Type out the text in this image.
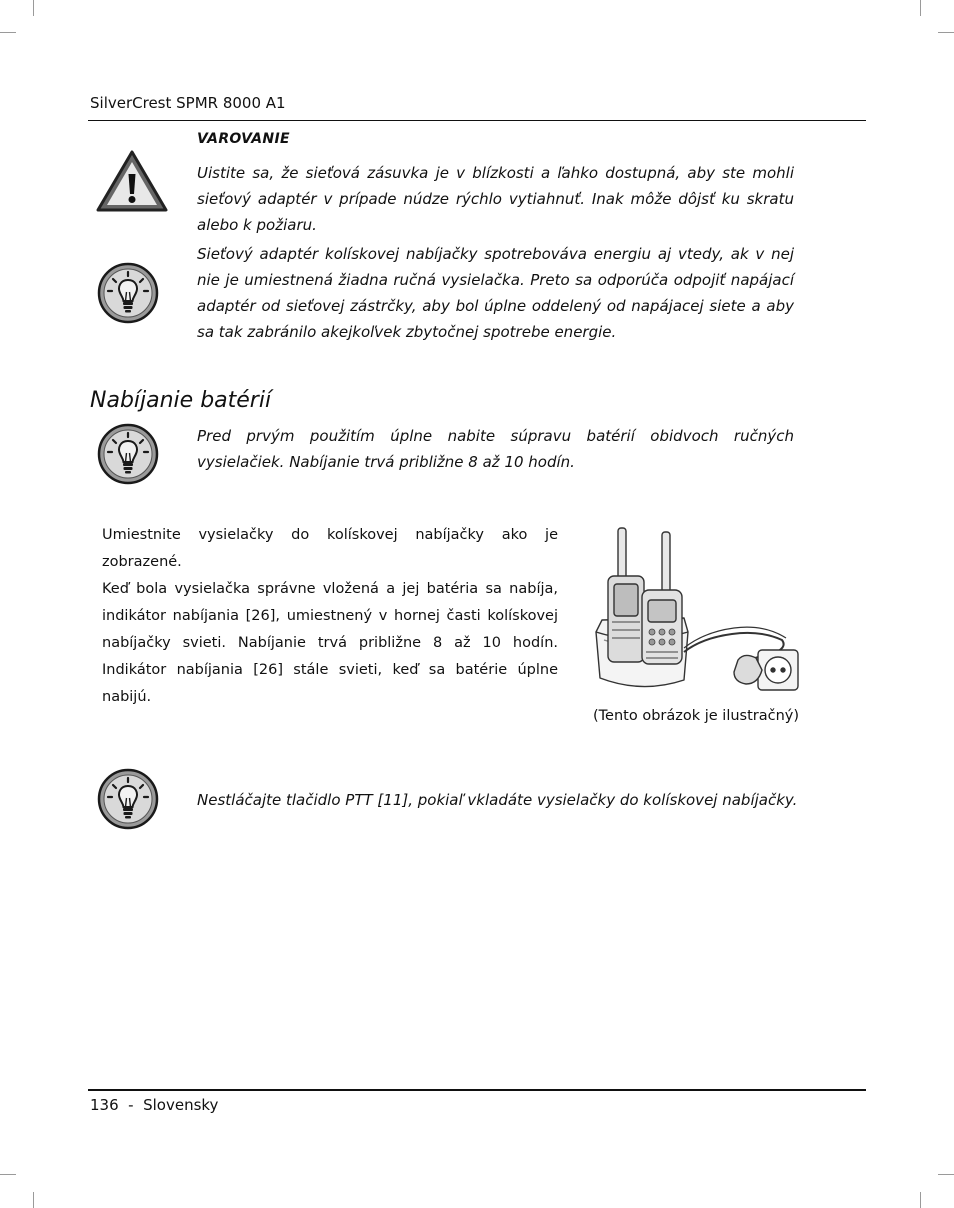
SilverCrest SPMR 8000 A1
VAROVANIE
Uistite sa, že sieťová zásuvka je v blízkosti a ľahko dostupná, aby ste mohli sieťový adaptér v prípade núdze rýchlo vytiahnuť. Inak môže dôjsť ku skratu alebo k požiaru.
Sieťový adaptér kolískovej nabíjačky spotrebováva energiu aj vtedy, ak v nej nie je umiestnená žiadna ručná vysielačka. Preto sa odporúča odpojiť napájací adaptér od sieťovej zástrčky, aby bol úplne oddelený od napájacej siete a aby sa tak zabránilo akejkoľvek zbytočnej spotrebe energie.
Nabíjanie batérií
Pred prvým použitím úplne nabite súpravu batérií obidvoch ručných vysielačiek. Nabíjanie trvá približne 8 až 10 hodín.
Umiestnite vysielačky do kolískovej nabíjačky ako je zobrazené.
Keď bola vysielačka správne vložená a jej batéria sa nabíja, indikátor nabíjania [26], umiestnený v hornej časti kolískovej nabíjačky svieti. Nabíjanie trvá približne 8 až 10 hodín. Indikátor nabíjania [26] stále svieti, keď sa batérie úplne nabijú.
(Tento obrázok je ilustračný)
Nestláčajte tlačidlo PTT [11], pokiaľ vkladáte vysielačky do kolískovej nabíjačky.
136  -  Slovensky
